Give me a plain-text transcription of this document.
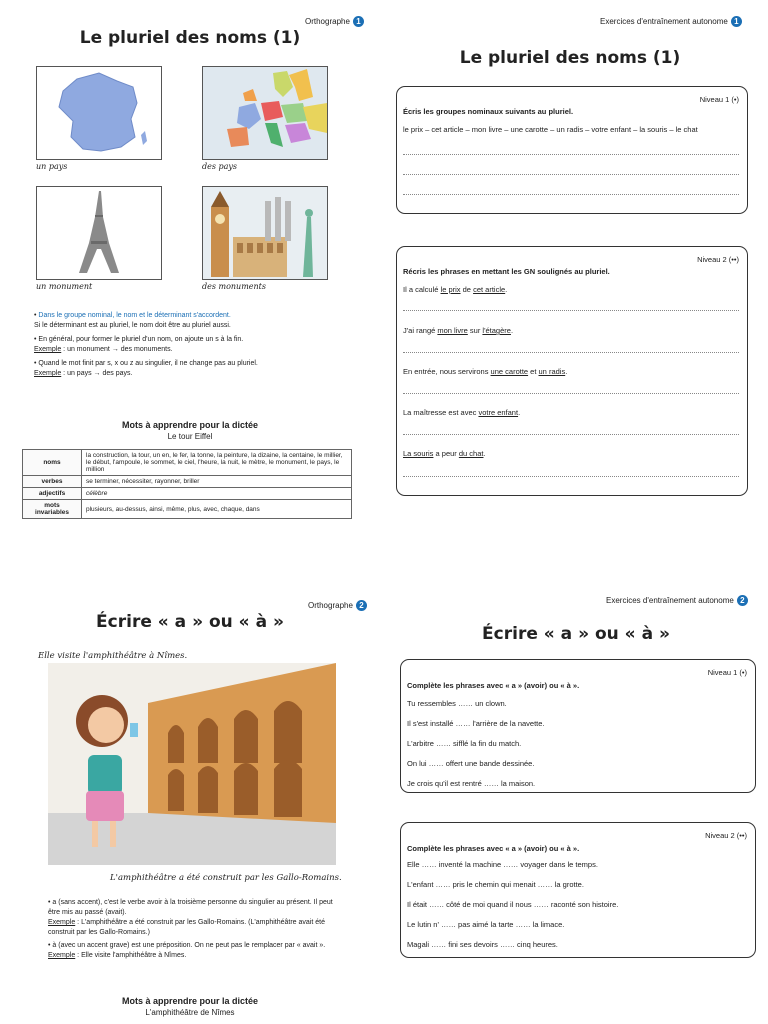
Orthographe 1
Le pluriel des noms (1)
un pays	des pays
un monument	des monuments
• Dans le groupe nominal, le nom et le déterminant s'accordent.
Si le déterminant est au pluriel, le nom doit être au pluriel aussi.
• En général, pour former le pluriel d'un nom, on ajoute un s à la fin.
Exemple : un monument → des monuments.
• Quand le mot finit par s, x ou z au singulier, il ne change pas au pluriel.
Exemple : un pays → des pays.
Mots à apprendre pour la dictée
Le tour Eiffel
noms	la construction, la tour, un en, le fer, la tonne, la peinture, la dizaine, la centaine, le millier, le début, l'ampoule, le sommet, le ciel, l'heure, la nuit, le mètre, le monument, le pays, le million
verbes	se terminer, nécessiter, rayonner, briller
adjectifs	célèbre
mots invariables	plusieurs, au-dessus, ainsi, même, plus, avec, chaque, dans
Exercices d'entraînement autonome 1
Le pluriel des noms (1)
Niveau 1 (•)
Écris les groupes nominaux suivants au pluriel.
le prix – cet article – mon livre – une carotte – un radis – votre enfant – la souris – le chat
Niveau 2 (••)
Récris les phrases en mettant les GN soulignés au pluriel.
Il a calculé le prix de cet article.
J'ai rangé mon livre sur l'étagère.
En entrée, nous servirons une carotte et un radis.
La maîtresse est avec votre enfant.
La souris a peur du chat.
Orthographe 2
Écrire « a » ou « à »
Elle visite l'amphithéâtre à Nîmes.
L'amphithéâtre a été construit par les Gallo-Romains.
• a (sans accent), c'est le verbe avoir à la troisième personne du singulier au présent. Il peut être mis au passé (avait).
Exemple : L'amphithéâtre a été construit par les Gallo-Romains. (L'amphithéâtre avait été construit par les Gallo-Romains.)
• à (avec un accent grave) est une préposition. On ne peut pas le remplacer par « avait ».
Exemple : Elle visite l'amphithéâtre à Nîmes.
Mots à apprendre pour la dictée
L'amphithéâtre de Nîmes
Exercices d'entraînement autonome 2
Écrire « a » ou « à »
Niveau 1 (•)
Complète les phrases avec « a » (avoir) ou « à ».
Tu ressembles …… un clown.
Il s'est installé …… l'arrière de la navette.
L'arbitre …… sifflé la fin du match.
On lui …… offert une bande dessinée.
Je crois qu'il est rentré …… la maison.
Niveau 2 (••)
Complète les phrases avec « a » (avoir) ou « à ».
Elle …… inventé la machine …… voyager dans le temps.
L'enfant …… pris le chemin qui menait …… la grotte.
Il était …… côté de moi quand il nous …… raconté son histoire.
Le lutin n' …… pas aimé la tarte …… la limace.
Magali …… fini ses devoirs …… cinq heures.
